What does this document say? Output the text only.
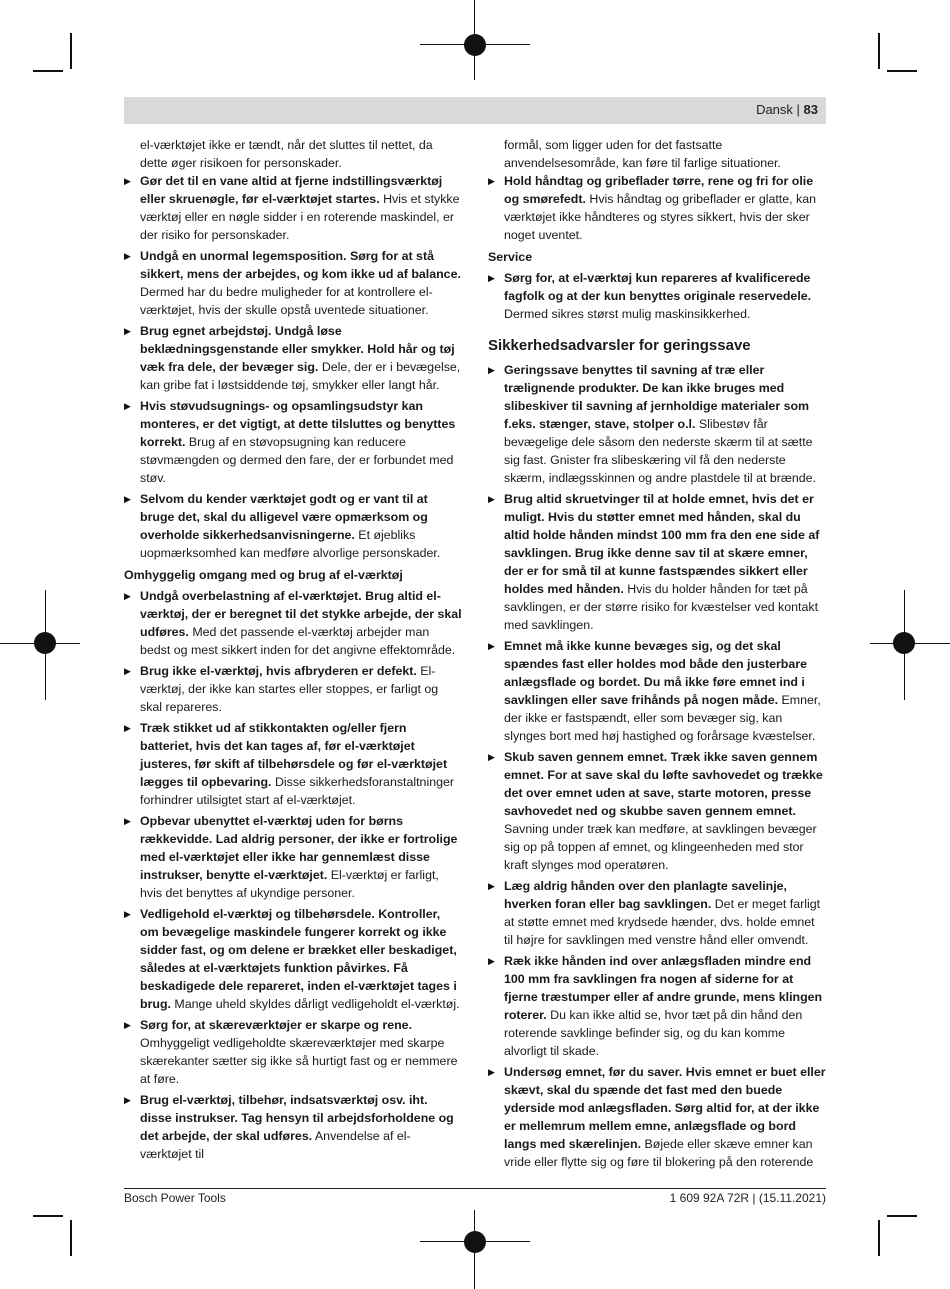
Dansk | 83

el-værktøjet ikke er tændt, når det sluttes til nettet, da dette øger risikoen for personskader.

▶ Gør det til en vane altid at fjerne indstillingsværktøj eller skruenøgle, før el-værktøjet startes. Hvis et stykke værktøj eller en nøgle sidder i en roterende maskindel, er der risiko for personskader.
▶ Undgå en unormal legemsposition. Sørg for at stå sikkert, mens der arbejdes, og kom ikke ud af balance. Dermed har du bedre muligheder for at kontrollere el-værktøjet, hvis der skulle opstå uventede situationer.
▶ Brug egnet arbejdstøj. Undgå løse beklædningsgenstande eller smykker. Hold hår og tøj væk fra dele, der bevæger sig. Dele, der er i bevægelse, kan gribe fat i løstsiddende tøj, smykker eller langt hår.
▶ Hvis støvudsugnings- og opsamlingsudstyr kan monteres, er det vigtigt, at dette tilsluttes og benyttes korrekt. Brug af en støvopsugning kan reducere støvmængden og dermed den fare, der er forbundet med støv.
▶ Selvom du kender værktøjet godt og er vant til at bruge det, skal du alligevel være opmærksom og overholde sikkerhedsanvisningerne. Et øjebliks uopmærksomhed kan medføre alvorlige personskader.
Omhyggelig omgang med og brug af el-værktøj
▶ Undgå overbelastning af el-værktøjet. Brug altid el-værktøj, der er beregnet til det stykke arbejde, der skal udføres. Med det passende el-værktøj arbejder man bedst og mest sikkert inden for det angivne effektområde.
▶ Brug ikke el-værktøj, hvis afbryderen er defekt. El-værktøj, der ikke kan startes eller stoppes, er farligt og skal repareres.
▶ Træk stikket ud af stikkontakten og/eller fjern batteriet, hvis det kan tages af, før el-værktøjet justeres, før skift af tilbehørsdele og før el-værktøjet lægges til opbevaring. Disse sikkerhedsforanstaltninger forhindrer utilsigtet start af el-værktøjet.
▶ Opbevar ubenyttet el-værktøj uden for børns rækkevidde. Lad aldrig personer, der ikke er fortrolige med el-værktøjet eller ikke har gennemlæst disse instrukser, benytte el-værktøjet. El-værktøj er farligt, hvis det benyttes af ukyndige personer.
▶ Vedligehold el-værktøj og tilbehørsdele. Kontroller, om bevægelige maskindele fungerer korrekt og ikke sidder fast, og om delene er brækket eller beskadiget, således at el-værktøjets funktion påvirkes. Få beskadigede dele repareret, inden el-værktøjet tages i brug. Mange uheld skyldes dårligt vedligeholdt el-værktøj.
▶ Sørg for, at skæreværktøjer er skarpe og rene. Omhyggeligt vedligeholdte skæreværktøjer med skarpe skærekanter sætter sig ikke så hurtigt fast og er nemmere at føre.
▶ Brug el-værktøj, tilbehør, indsatsværktøj osv. iht. disse instrukser. Tag hensyn til arbejdsforholdene og det arbejde, der skal udføres. Anvendelse af el-værktøjet til

formål, som ligger uden for det fastsatte anvendelsesområde, kan føre til farlige situationer.

▶ Hold håndtag og gribeflader tørre, rene og fri for olie og smørefedt. Hvis håndtag og gribeflader er glatte, kan værktøjet ikke håndteres og styres sikkert, hvis der sker noget uventet.
Service
▶ Sørg for, at el-værktøj kun repareres af kvalificerede fagfolk og at der kun benyttes originale reservedele. Dermed sikres størst mulig maskinsikkerhed.
Sikkerhedsadvarsler for geringssave
▶ Geringssave benyttes til savning af træ eller trælignende produkter. De kan ikke bruges med slibeskiver til savning af jernholdige materialer som f.eks. stænger, stave, stolper o.l. Slibestøv får bevægelige dele såsom den nederste skærm til at sætte sig fast. Gnister fra slibeskæring vil få den nederste skærm, indlægsskinnen og andre plastdele til at brænde.
▶ Brug altid skruetvinger til at holde emnet, hvis det er muligt. Hvis du støtter emnet med hånden, skal du altid holde hånden mindst 100 mm fra den ene side af savklingen. Brug ikke denne sav til at skære emner, der er for små til at kunne fastspændes sikkert eller holdes med hånden. Hvis du holder hånden for tæt på savklingen, er der større risiko for kvæstelser ved kontakt med savklingen.
▶ Emnet må ikke kunne bevæges sig, og det skal spændes fast eller holdes mod både den justerbare anlægsflade og bordet. Du må ikke føre emnet ind i savklingen eller save frihånds på nogen måde. Emner, der ikke er fastspændt, eller som bevæger sig, kan slynges bort med høj hastighed og forårsage kvæstelser.
▶ Skub saven gennem emnet. Træk ikke saven gennem emnet. For at save skal du løfte savhovedet og trække det over emnet uden at save, starte motoren, presse savhovedet ned og skubbe saven gennem emnet. Savning under træk kan medføre, at savklingen bevæger sig op på toppen af emnet, og klingeenheden med stor kraft slynges mod operatøren.
▶ Læg aldrig hånden over den planlagte savelinje, hverken foran eller bag savklingen. Det er meget farligt at støtte emnet med krydsede hænder, dvs. holde emnet til højre for savklingen med venstre hånd eller omvendt.
▶ Ræk ikke hånden ind over anlægsfladen mindre end 100 mm fra savklingen fra nogen af siderne for at fjerne træstumper eller af andre grunde, mens klingen roterer. Du kan ikke altid se, hvor tæt på din hånd den roterende savklinge befinder sig, og du kan komme alvorligt til skade.
▶ Undersøg emnet, før du saver. Hvis emnet er buet eller skævt, skal du spænde det fast med den buede yderside mod anlægsfladen. Sørg altid for, at der ikke er mellemrum mellem emne, anlægsflade og bord langs med skærelinjen. Bøjede eller skæve emner kan vride eller flytte sig og føre til blokering på den roterende
Bosch Power Tools	1 609 92A 72R | (15.11.2021)
